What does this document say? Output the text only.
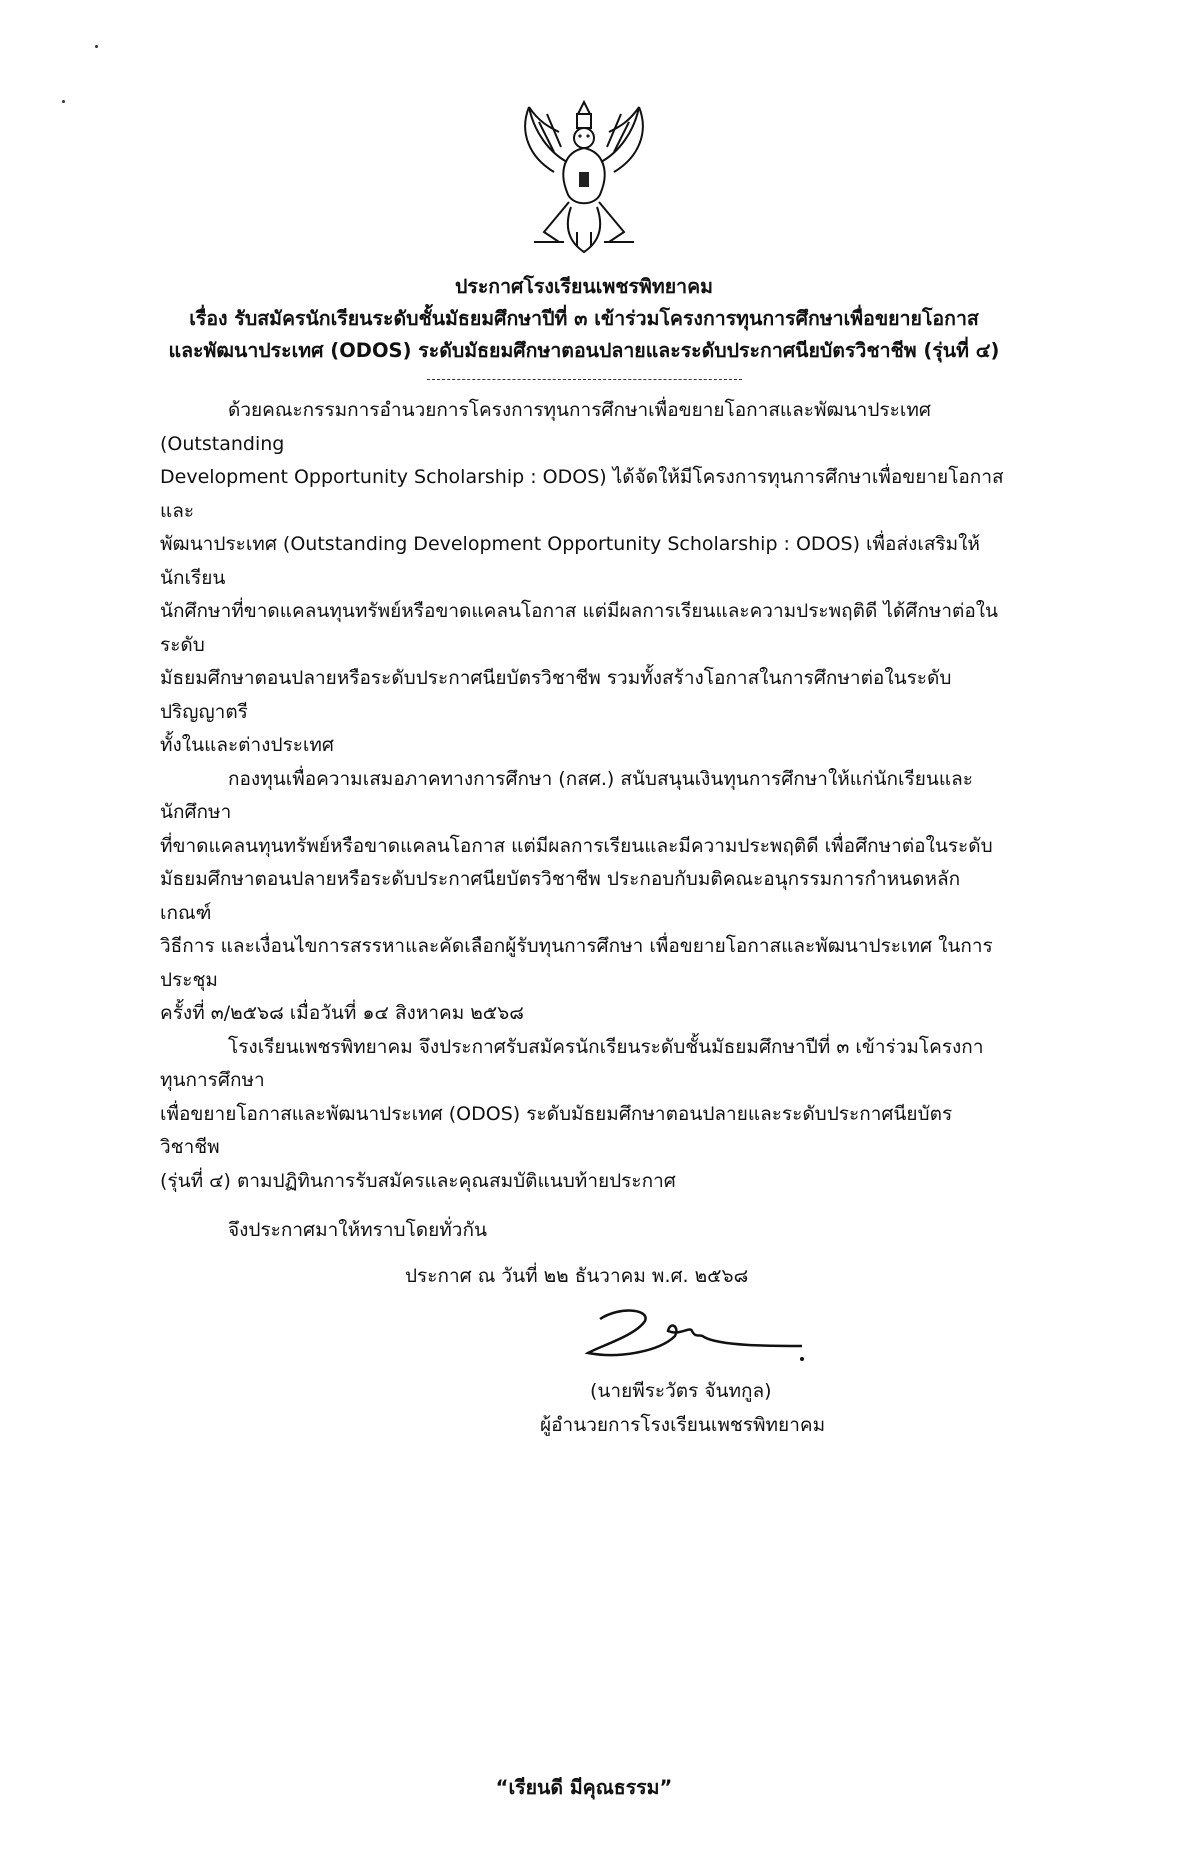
ประกาศโรงเรียนเพชรพิทยาคม
เรื่อง รับสมัครนักเรียนระดับชั้นมัธยมศึกษาปีที่ ๓ เข้าร่วมโครงการทุนการศึกษาเพื่อขยายโอกาส
และพัฒนาประเทศ (ODOS) ระดับมัธยมศึกษาตอนปลายและระดับประกาศนียบัตรวิชาชีพ (รุ่นที่ ๔)
ด้วยคณะกรรมการอำนวยการโครงการทุนการศึกษาเพื่อขยายโอกาสและพัฒนาประเทศ (Outstanding
Development Opportunity Scholarship : ODOS) ได้จัดให้มีโครงการทุนการศึกษาเพื่อขยายโอกาสและ
พัฒนาประเทศ (Outstanding Development Opportunity Scholarship : ODOS) เพื่อส่งเสริมให้นักเรียน
นักศึกษาที่ขาดแคลนทุนทรัพย์หรือขาดแคลนโอกาส แต่มีผลการเรียนและความประพฤติดี ได้ศึกษาต่อในระดับ
มัธยมศึกษาตอนปลายหรือระดับประกาศนียบัตรวิชาชีพ รวมทั้งสร้างโอกาสในการศึกษาต่อในระดับปริญญาตรี
ทั้งในและต่างประเทศ
กองทุนเพื่อความเสมอภาคทางการศึกษา (กสศ.) สนับสนุนเงินทุนการศึกษาให้แก่นักเรียนและนักศึกษา
ที่ขาดแคลนทุนทรัพย์หรือขาดแคลนโอกาส แต่มีผลการเรียนและมีความประพฤติดี เพื่อศึกษาต่อในระดับ
มัธยมศึกษาตอนปลายหรือระดับประกาศนียบัตรวิชาชีพ ประกอบกับมติคณะอนุกรรมการกำหนดหลักเกณฑ์
วิธีการ และเงื่อนไขการสรรหาและคัดเลือกผู้รับทุนการศึกษา เพื่อขยายโอกาสและพัฒนาประเทศ ในการประชุม
ครั้งที่ ๓/๒๕๖๘ เมื่อวันที่ ๑๔ สิงหาคม ๒๕๖๘
โรงเรียนเพชรพิทยาคม จึงประกาศรับสมัครนักเรียนระดับชั้นมัธยมศึกษาปีที่ ๓ เข้าร่วมโครงกาทุนการศึกษา
เพื่อขยายโอกาสและพัฒนาประเทศ (ODOS) ระดับมัธยมศึกษาตอนปลายและระดับประกาศนียบัตรวิชาชีพ
(รุ่นที่ ๔) ตามปฏิทินการรับสมัครและคุณสมบัติแนบท้ายประกาศ
จึงประกาศมาให้ทราบโดยทั่วกัน
ประกาศ ณ วันที่ ๒๒ ธันวาคม พ.ศ. ๒๕๖๘
(นายพีระวัตร จันทกูล)
ผู้อำนวยการโรงเรียนเพชรพิทยาคม
“เรียนดี มีคุณธรรม”
